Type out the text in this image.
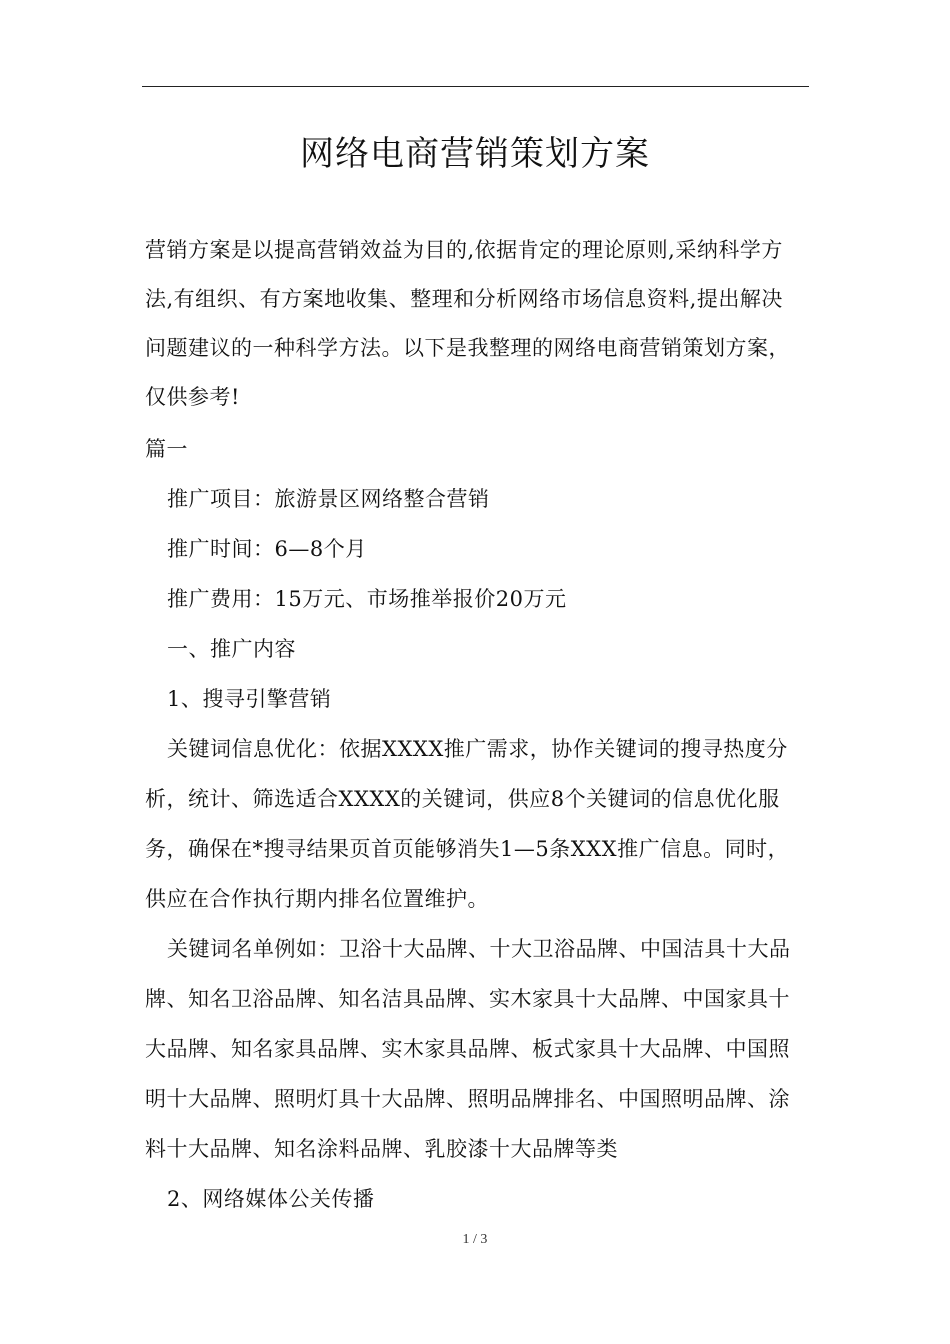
网络电商营销策划方案
营销方案是以提高营销效益为目的,依据肯定的理论原则,采纳科学方
法,有组织、有方案地收集、整理和分析网络市场信息资料,提出解决
问题建议的一种科学方法。以下是我整理的网络电商营销策划方案，
仅供参考!
篇一
推广项目：旅游景区网络整合营销
推广时间：6—8个月
推广费用：15万元、市场推举报价20万元
一、推广内容
1、搜寻引擎营销
关键词信息优化：依据XXXX推广需求，协作关键词的搜寻热度分
析，统计、筛选适合XXXX的关键词，供应8个关键词的信息优化服
务，确保在*搜寻结果页首页能够消失1—5条XXX推广信息。同时，
供应在合作执行期内排名位置维护。
关键词名单例如：卫浴十大品牌、十大卫浴品牌、中国洁具十大品
牌、知名卫浴品牌、知名洁具品牌、实木家具十大品牌、中国家具十
大品牌、知名家具品牌、实木家具品牌、板式家具十大品牌、中国照
明十大品牌、照明灯具十大品牌、照明品牌排名、中国照明品牌、涂
料十大品牌、知名涂料品牌、乳胶漆十大品牌等类
2、网络媒体公关传播
1 / 3
